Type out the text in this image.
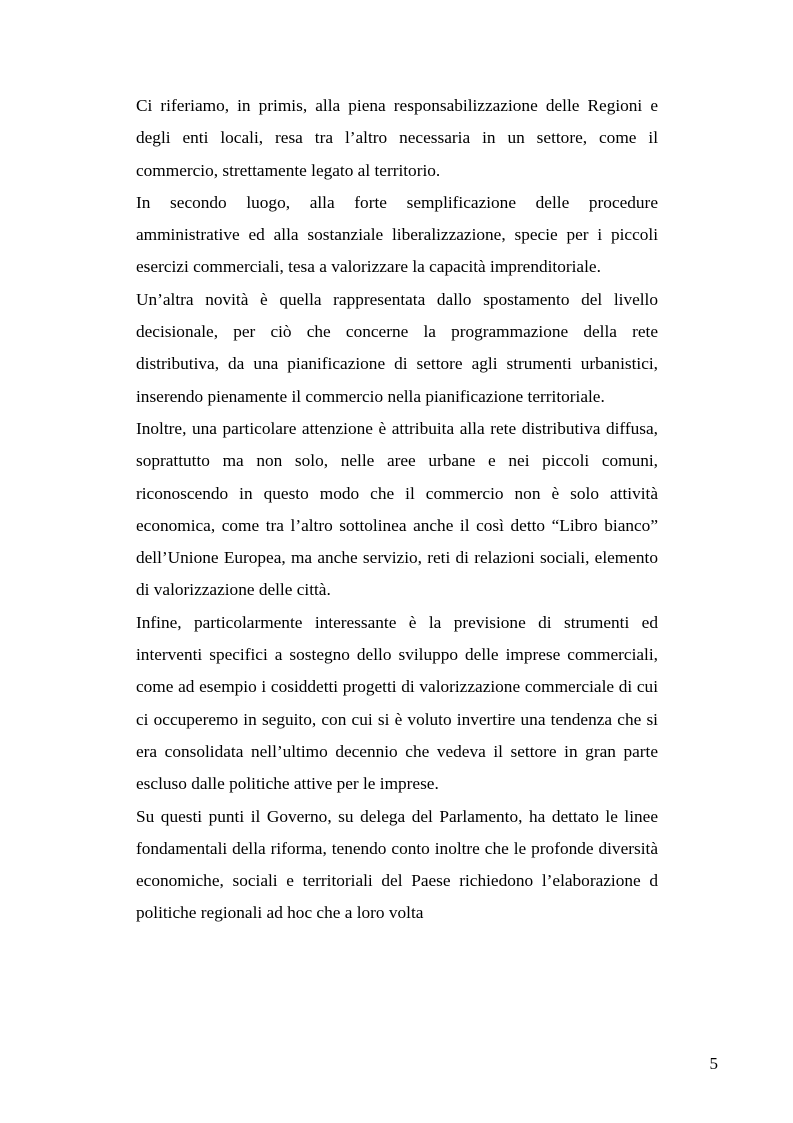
Ci riferiamo, in primis, alla piena responsabilizzazione delle Regioni e degli enti locali, resa tra l’altro necessaria in un settore, come il commercio, strettamente legato al territorio.

In secondo luogo, alla forte semplificazione delle procedure amministrative ed alla sostanziale liberalizzazione, specie per i piccoli esercizi commerciali, tesa a valorizzare la capacità imprenditoriale.

Un’altra novità è quella rappresentata dallo spostamento del livello decisionale, per ciò che concerne la programmazione della rete distributiva, da una pianificazione di settore agli strumenti urbanistici, inserendo pienamente il commercio nella pianificazione territoriale.

Inoltre, una particolare attenzione è attribuita alla rete distributiva diffusa, soprattutto ma non solo, nelle aree urbane e nei piccoli comuni, riconoscendo in questo modo che il commercio non è solo attività economica, come tra l’altro sottolinea anche il così detto “Libro bianco” dell’Unione Europea, ma anche servizio, reti di relazioni sociali, elemento di valorizzazione delle città.

Infine, particolarmente interessante è la previsione di strumenti ed interventi specifici a sostegno dello sviluppo delle imprese commerciali, come ad esempio i cosiddetti progetti di valorizzazione commerciale di cui ci occuperemo in seguito, con cui si è voluto invertire una tendenza che si era consolidata nell’ultimo decennio che vedeva il settore in gran parte escluso dalle politiche attive per le imprese.

Su questi punti il Governo, su delega del Parlamento, ha dettato le linee fondamentali della riforma, tenendo conto inoltre che le profonde diversità economiche, sociali e territoriali del Paese richiedono l’elaborazione d politiche regionali ad hoc che a loro volta

5
